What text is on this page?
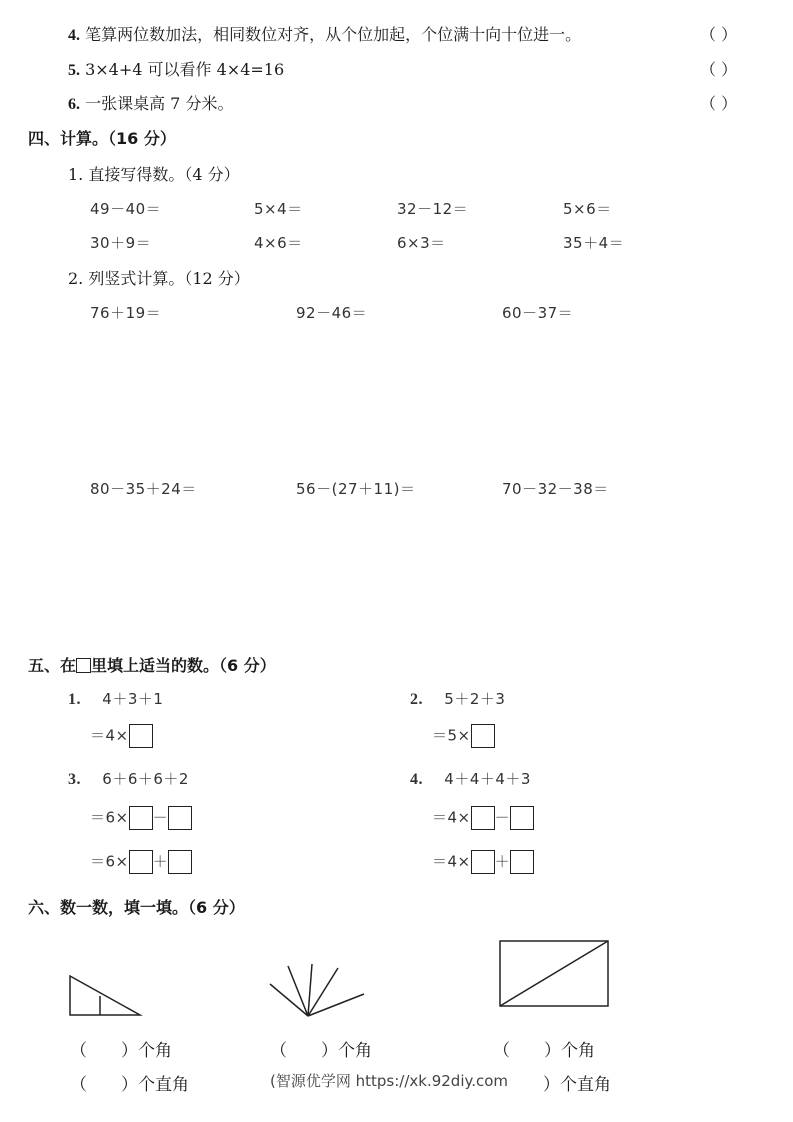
4. 笔算两位数加法，相同数位对齐，从个位加起，个位满十向十位进一。	（ ）
5. 3×4+4 可以看作 4×4=16	（ ）
6. 一张课桌高 7 分米。	（ ）
四、计算。（16 分）
1. 直接写得数。（4 分）
49－40＝	5×4＝	32－12＝	5×6＝
30＋9＝	4×6＝	6×3＝	35＋4＝
2. 列竖式计算。（12 分）
76＋19＝	92－46＝	60－37＝
80－35＋24＝	56－(27＋11)＝	70－32－38＝
五、在 里填上适当的数。（6 分）
1. 4＋3＋1
＝4×
2. 5＋2＋3
＝5×
3. 6＋6＋6＋2
＝6× －
＝6× ＋
4. 4＋4＋4＋3
＝4× －
＝4× ＋
六、数一数，填一填。（6 分）
（　　）个角	（　　）个角	（　　）个角
（　　）个直角	(智源优学网 https://xk.92diy.com ）个直角
